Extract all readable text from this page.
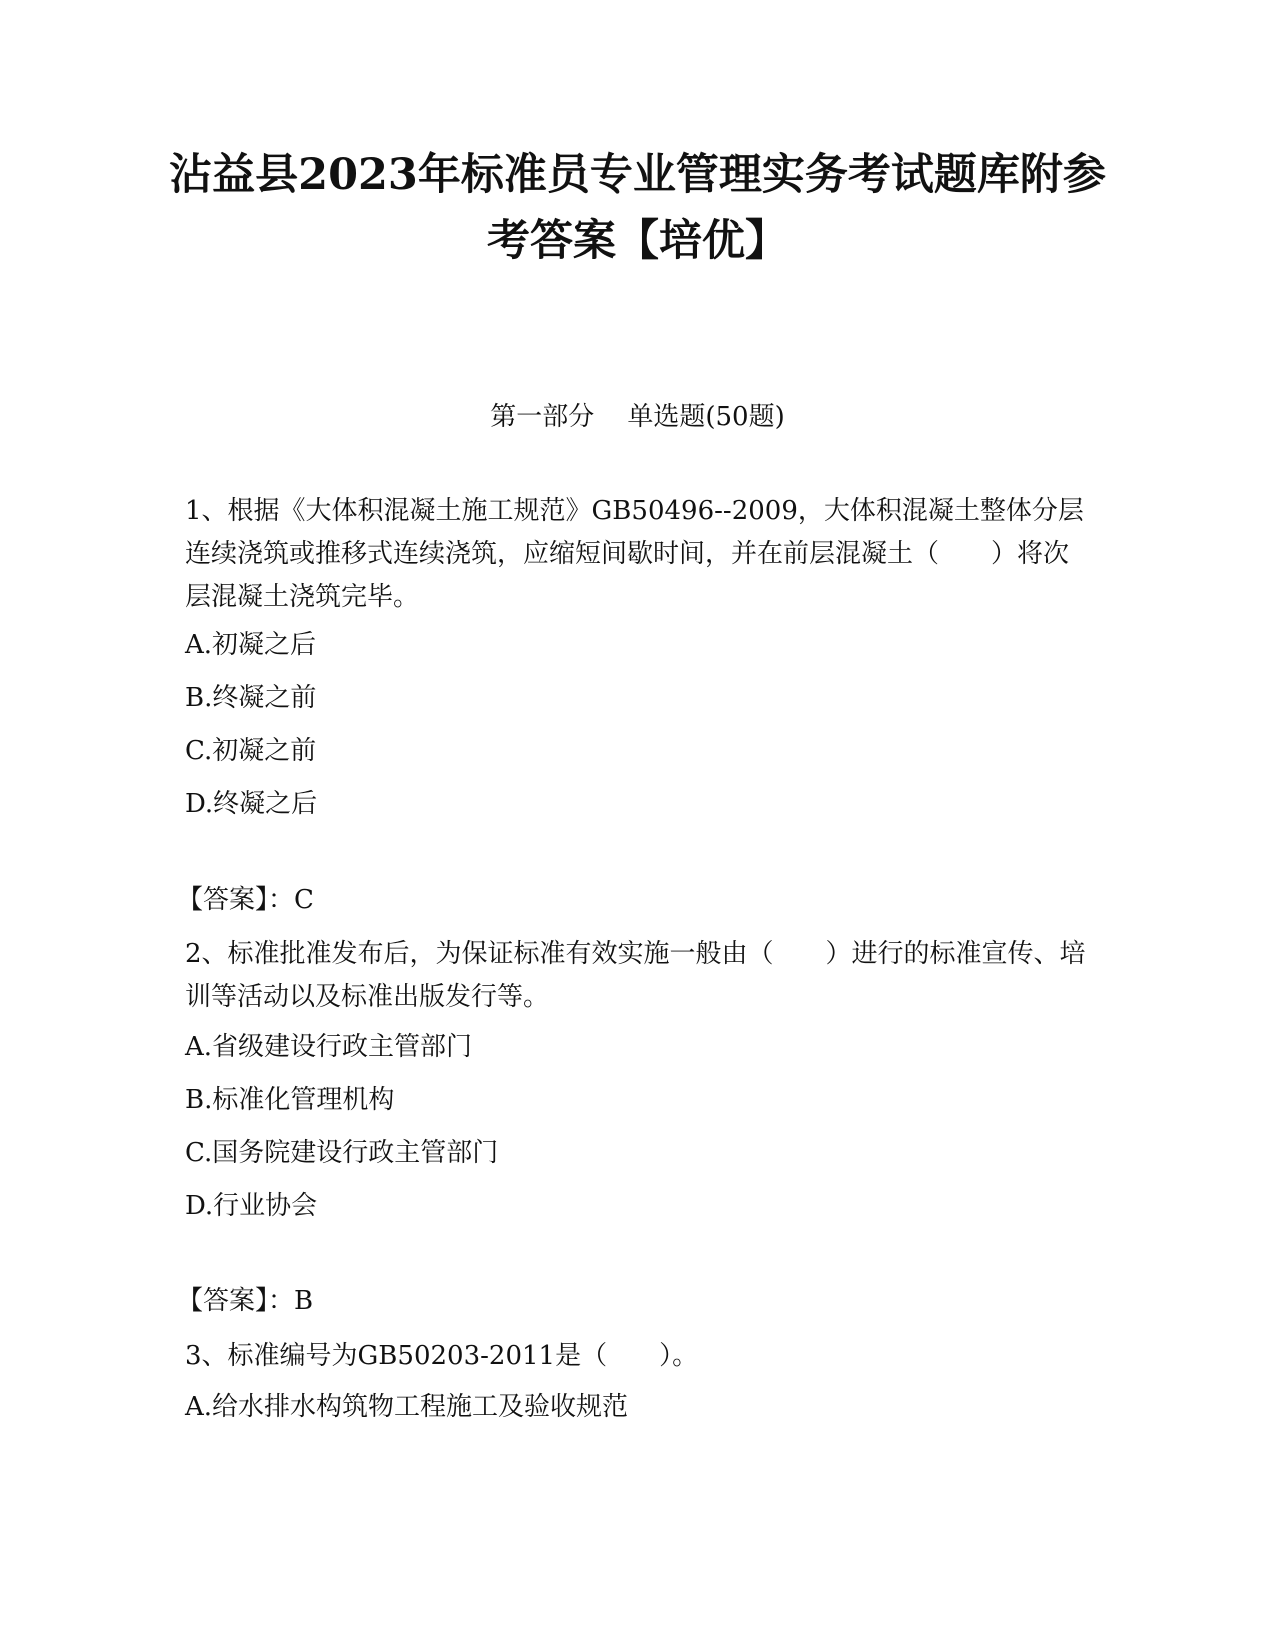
沾益县2023年标准员专业管理实务考试题库附参考答案【培优】
第一部分    单选题(50题)
1、根据《大体积混凝土施工规范》GB50496--2009，大体积混凝土整体分层连续浇筑或推移式连续浇筑，应缩短间歇时间，并在前层混凝土（　　）将次层混凝土浇筑完毕。
A.初凝之后
B.终凝之前
C.初凝之前
D.终凝之后
【答案】：C
2、标准批准发布后，为保证标准有效实施一般由（　　）进行的标准宣传、培训等活动以及标准出版发行等。
A.省级建设行政主管部门
B.标准化管理机构
C.国务院建设行政主管部门
D.行业协会
【答案】：B
3、标准编号为GB50203-2011是（　　）。
A.给水排水构筑物工程施工及验收规范
